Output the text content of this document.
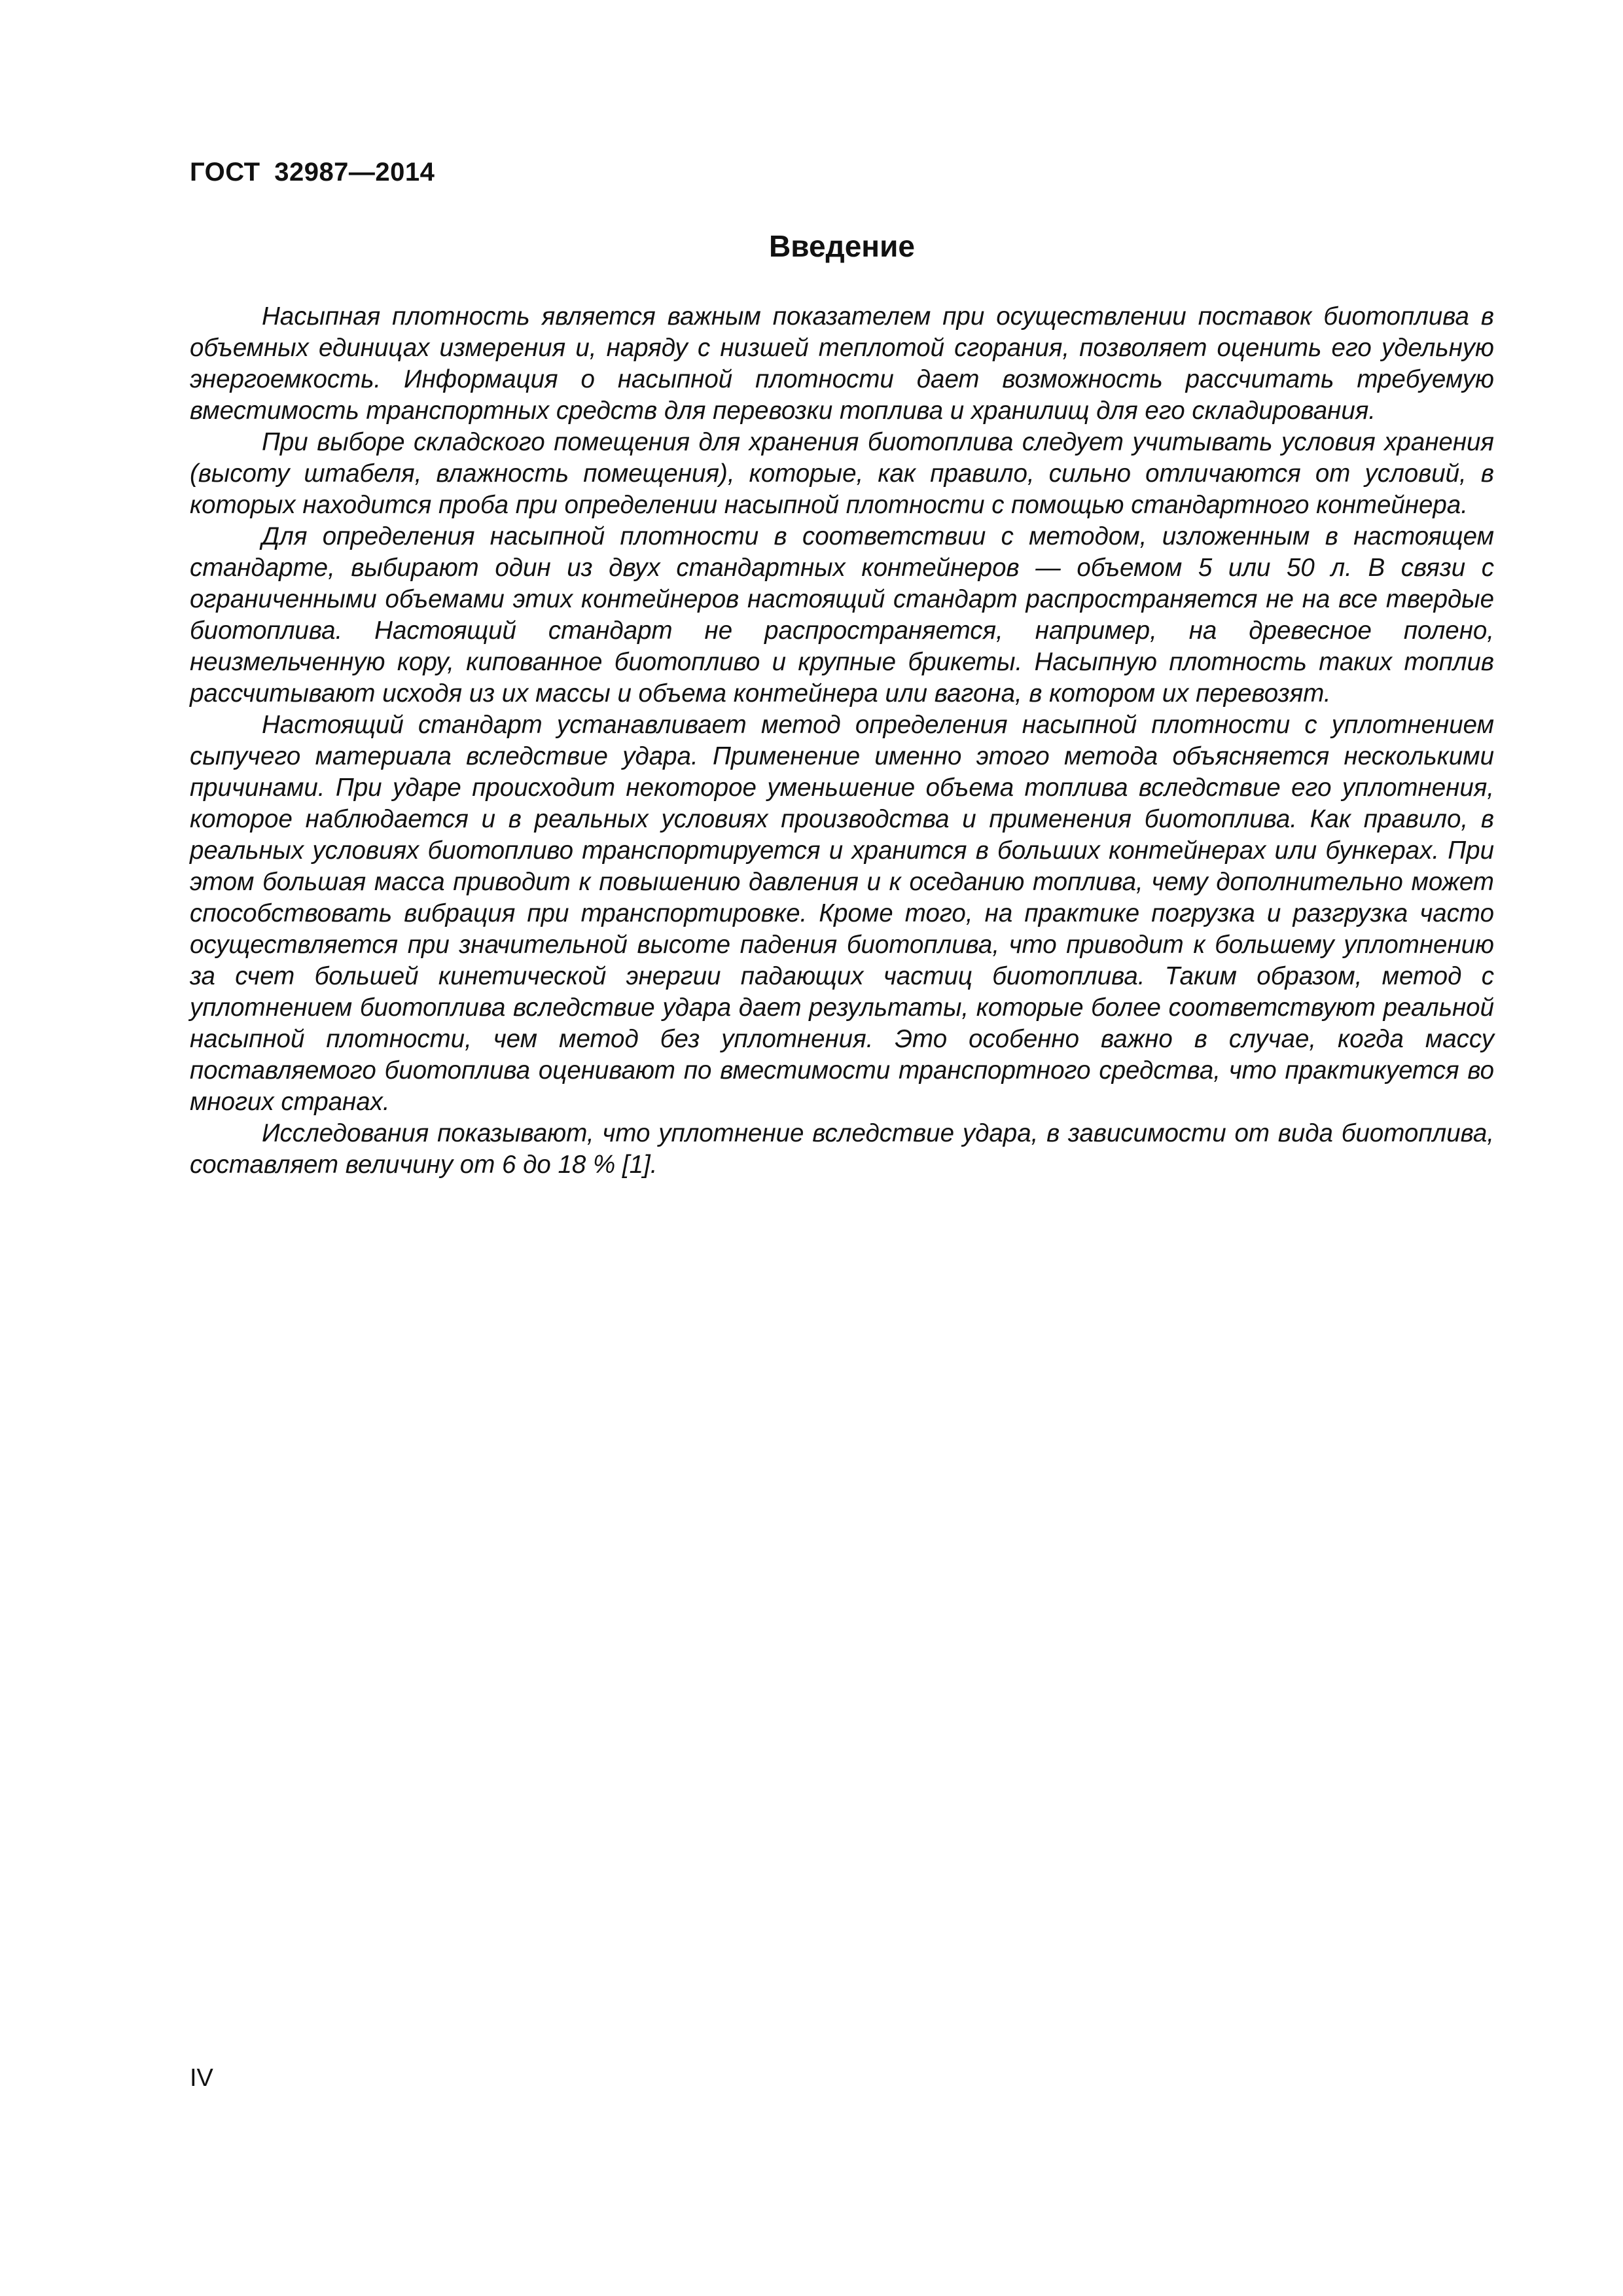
ГОСТ 32987—2014
Введение

Насыпная плотность является важным показателем при осуществлении поставок биотоплива в объемных единицах измерения и, наряду с низшей теплотой сгорания, позволяет оценить его удельную энергоемкость. Информация о насыпной плотности дает возможность рассчитать требуемую вместимость транспортных средств для перевозки топлива и хранилищ для его складирования.

При выборе складского помещения для хранения биотоплива следует учитывать условия хранения (высоту штабеля, влажность помещения), которые, как правило, сильно отличаются от условий, в которых находится проба при определении насыпной плотности с помощью стандартного контейнера.

Для определения насыпной плотности в соответствии с методом, изложенным в настоящем стандарте, выбирают один из двух стандартных контейнеров — объемом 5 или 50 л. В связи с ограниченными объемами этих контейнеров настоящий стандарт распространяется не на все твердые биотоплива. Настоящий стандарт не распространяется, например, на древесное полено, неизмельченную кору, кипованное биотопливо и крупные брикеты. Насыпную плотность таких топлив рассчитывают исходя из их массы и объема контейнера или вагона, в котором их перевозят.

Настоящий стандарт устанавливает метод определения насыпной плотности с уплотнением сыпучего материала вследствие удара. Применение именно этого метода объясняется несколькими причинами. При ударе происходит некоторое уменьшение объема топлива вследствие его уплотнения, которое наблюдается и в реальных условиях производства и применения биотоплива. Как правило, в реальных условиях биотопливо транспортируется и хранится в больших контейнерах или бункерах. При этом большая масса приводит к повышению давления и к оседанию топлива, чему дополнительно может способствовать вибрация при транспортировке. Кроме того, на практике погрузка и разгрузка часто осуществляется при значительной высоте падения биотоплива, что приводит к большему уплотнению за счет большей кинетической энергии падающих частиц биотоплива. Таким образом, метод с уплотнением биотоплива вследствие удара дает результаты, которые более соответствуют реальной насыпной плотности, чем метод без уплотнения. Это особенно важно в случае, когда массу поставляемого биотоплива оценивают по вместимости транспортного средства, что практикуется во многих странах.

Исследования показывают, что уплотнение вследствие удара, в зависимости от вида биотоплива, составляет величину от 6 до 18 % [1].

IV
